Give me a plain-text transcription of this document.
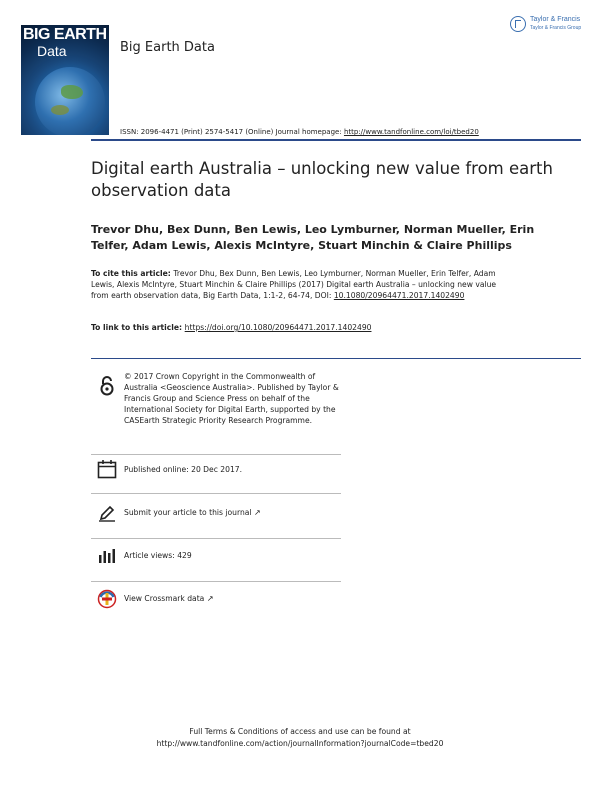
BIG EARTH
Data	Big Earth Data
Taylor & Francis
Taylor & Francis Group
ISSN: 2096-4471 (Print) 2574-5417 (Online) Journal homepage: http://www.tandfonline.com/loi/tbed20
Digital earth Australia – unlocking new value from earth observation data
Trevor Dhu, Bex Dunn, Ben Lewis, Leo Lymburner, Norman Mueller, Erin Telfer, Adam Lewis, Alexis McIntyre, Stuart Minchin & Claire Phillips
To cite this article: Trevor Dhu, Bex Dunn, Ben Lewis, Leo Lymburner, Norman Mueller, Erin Telfer, Adam Lewis, Alexis McIntyre, Stuart Minchin & Claire Phillips (2017) Digital earth Australia – unlocking new value from earth observation data, Big Earth Data, 1:1-2, 64-74, DOI: 10.1080/20964471.2017.1402490
To link to this article: https://doi.org/10.1080/20964471.2017.1402490
© 2017 Crown Copyright in the Commonwealth of Australia <Geoscience Australia>. Published by Taylor & Francis Group and Science Press on behalf of the International Society for Digital Earth, supported by the CASEarth Strategic Priority Research Programme.
Published online: 20 Dec 2017.
Submit your article to this journal ↗
Article views: 429
View Crossmark data ↗
Full Terms & Conditions of access and use can be found at
http://www.tandfonline.com/action/journalInformation?journalCode=tbed20
